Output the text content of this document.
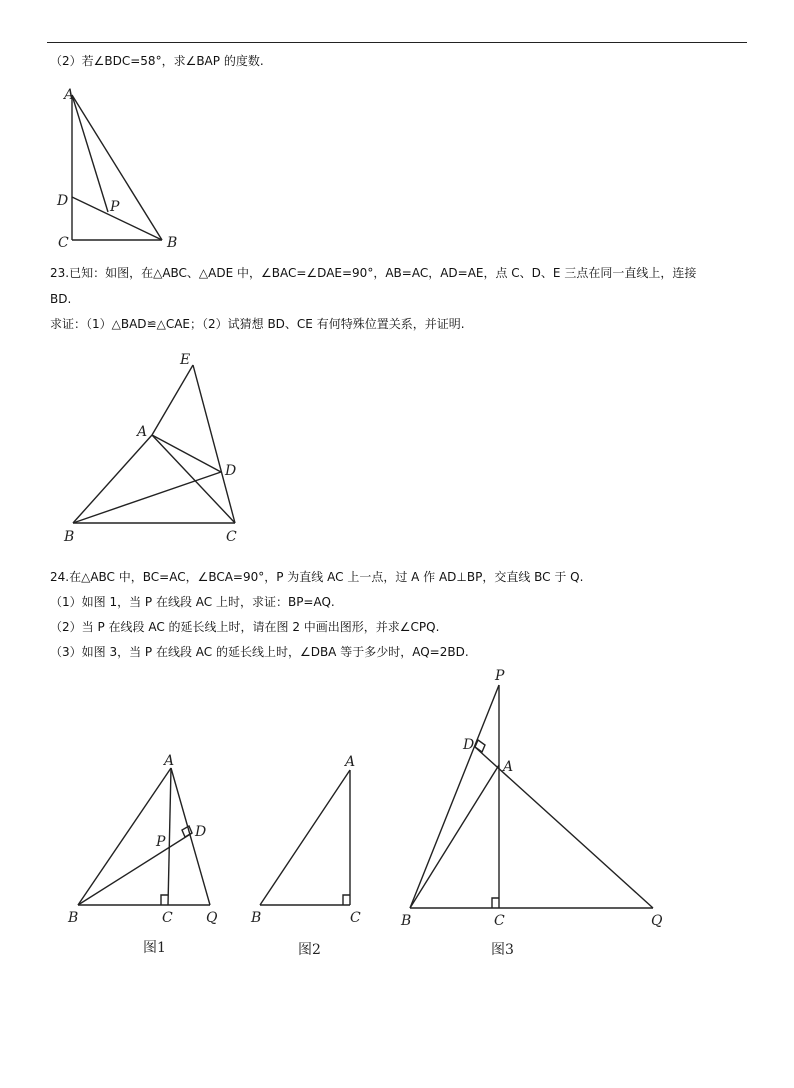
（2）若∠BDC=58°，求∠BAP 的度数.
A
D	P
C	B
23.已知：如图，在△ABC、△ADE 中，∠BAC=∠DAE=90°，AB=AC，AD=AE，点 C、D、E 三点在同一直线上，连接
BD.
求证：（1）△BAD≌△CAE；（2）试猜想 BD、CE 有何特殊位置关系，并证明.
E
A
D
B	C
24.在△ABC 中，BC=AC，∠BCA=90°，P 为直线 AC 上一点，过 A 作 AD⊥BP，交直线 BC 于 Q.
（1）如图 1，当 P 在线段 AC 上时，求证：BP=AQ.
（2）当 P 在线段 AC 的延长线上时，请在图 2 中画出图形，并求∠CPQ.
（3）如图 3，当 P 在线段 AC 的延长线上时，∠DBA 等于多少时，AQ=2BD.
A
P
D
B	C Q
图1
A
B	C
图2
P
D
A
B	C	Q
图3
